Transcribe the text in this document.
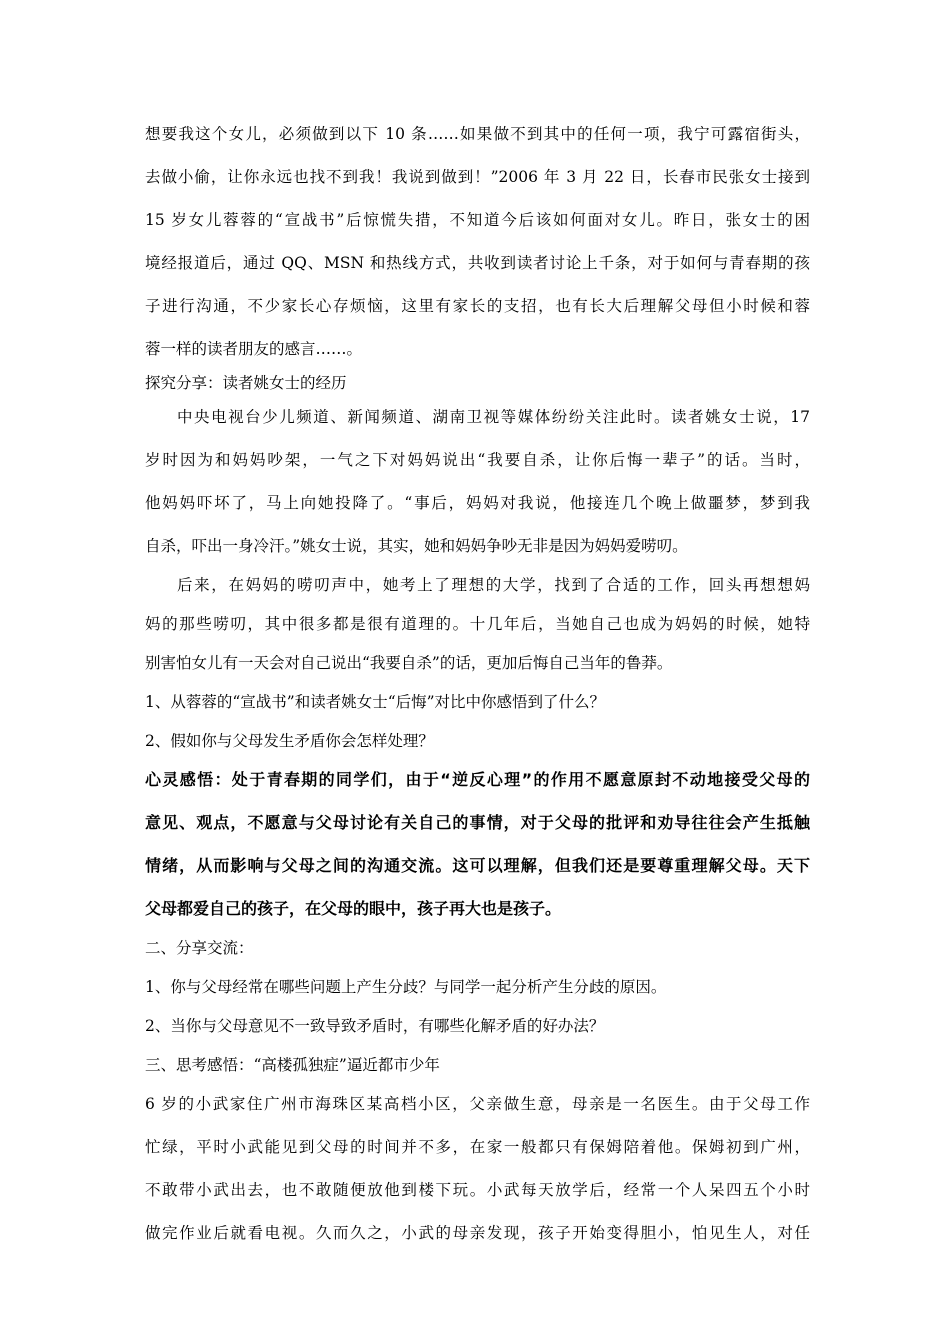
想要我这个女儿，必须做到以下 10 条……如果做不到其中的任何一项，我宁可露宿街头，
去做小偷，让你永远也找不到我！我说到做到！”2006 年 3 月 22 日，长春市民张女士接到
15 岁女儿蓉蓉的“宣战书”后惊慌失措，不知道今后该如何面对女儿。昨日，张女士的困
境经报道后，通过 QQ、MSN 和热线方式，共收到读者讨论上千条，对于如何与青春期的孩
子进行沟通，不少家长心存烦恼，这里有家长的支招，也有长大后理解父母但小时候和蓉
蓉一样的读者朋友的感言……。
探究分享：读者姚女士的经历
中央电视台少儿频道、新闻频道、湖南卫视等媒体纷纷关注此时。读者姚女士说，17
岁时因为和妈妈吵架，一气之下对妈妈说出“我要自杀，让你后悔一辈子”的话。当时，
他妈妈吓坏了，马上向她投降了。“事后，妈妈对我说，他接连几个晚上做噩梦，梦到我
自杀，吓出一身冷汗。”姚女士说，其实，她和妈妈争吵无非是因为妈妈爱唠叨。
后来，在妈妈的唠叨声中，她考上了理想的大学，找到了合适的工作，回头再想想妈
妈的那些唠叨，其中很多都是很有道理的。十几年后，当她自己也成为妈妈的时候，她特
别害怕女儿有一天会对自己说出“我要自杀”的话，更加后悔自己当年的鲁莽。
1、从蓉蓉的“宣战书”和读者姚女士“后悔”对比中你感悟到了什么？
2、假如你与父母发生矛盾你会怎样处理？
心灵感悟：处于青春期的同学们，由于“逆反心理”的作用不愿意原封不动地接受父母的
意见、观点，不愿意与父母讨论有关自己的事情，对于父母的批评和劝导往往会产生抵触
情绪，从而影响与父母之间的沟通交流。这可以理解，但我们还是要尊重理解父母。天下
父母都爱自己的孩子，在父母的眼中，孩子再大也是孩子。
二、分享交流：
1、你与父母经常在哪些问题上产生分歧？与同学一起分析产生分歧的原因。
2、当你与父母意见不一致导致矛盾时，有哪些化解矛盾的好办法？
三、思考感悟：“高楼孤独症”逼近都市少年
6 岁的小武家住广州市海珠区某高档小区，父亲做生意，母亲是一名医生。由于父母工作
忙绿，平时小武能见到父母的时间并不多，在家一般都只有保姆陪着他。保姆初到广州，
不敢带小武出去，也不敢随便放他到楼下玩。小武每天放学后，经常一个人呆四五个小时
做完作业后就看电视。久而久之，小武的母亲发现，孩子开始变得胆小，怕见生人，对任
